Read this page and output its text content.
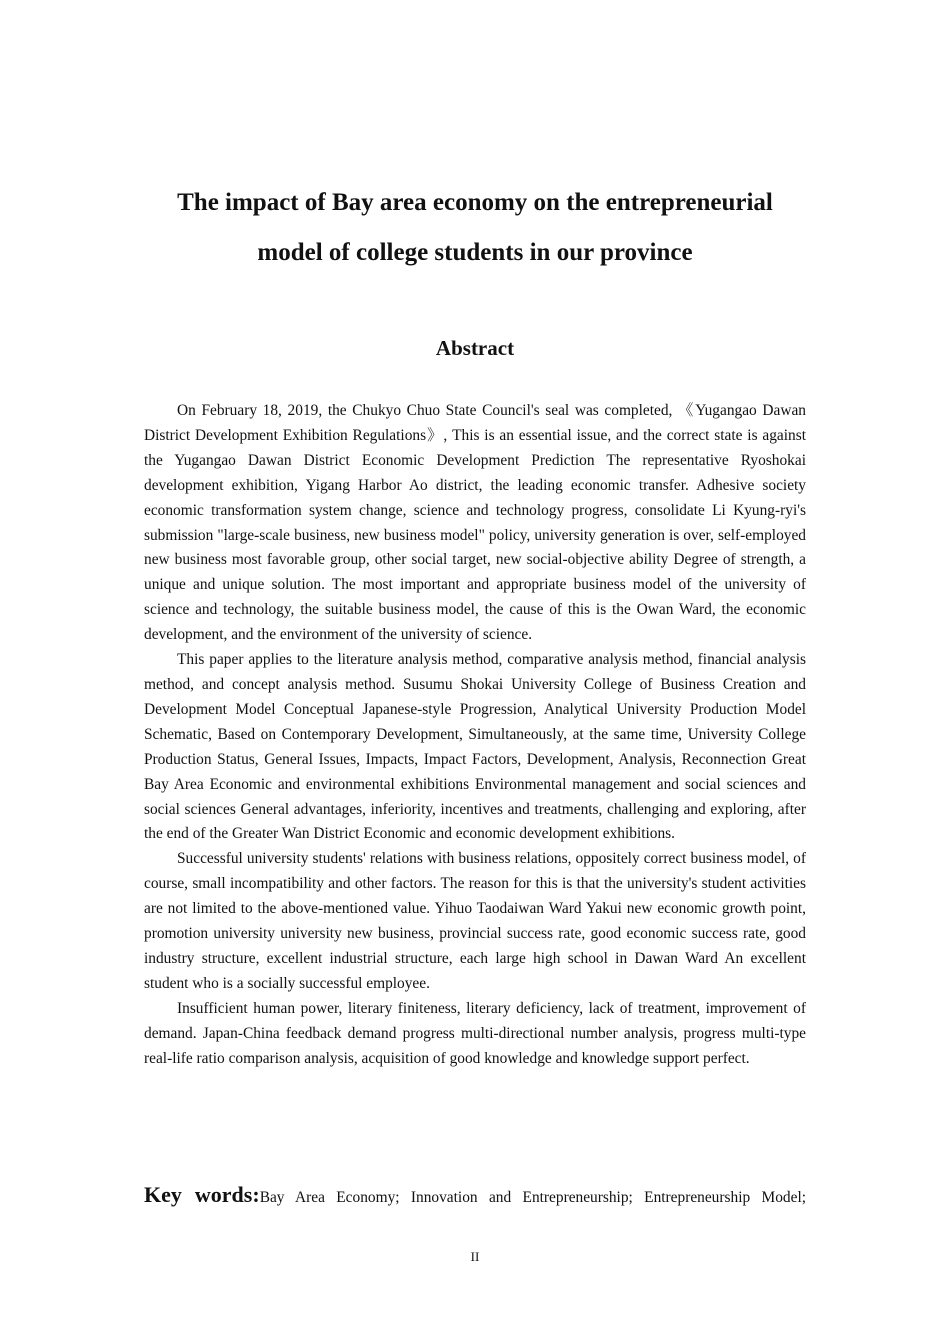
The impact of Bay area economy on the entrepreneurial
model of college students in our province
Abstract

On February 18, 2019, the Chukyo Chuo State Council's seal was completed, 《Yugangao Dawan District Development Exhibition Regulations》, This is an essential issue, and the correct state is against the Yugangao Dawan District Economic Development Prediction The representative Ryoshokai development exhibition, Yigang Harbor Ao district, the leading economic transfer. Adhesive society economic transformation system change, science and technology progress, consolidate Li Kyung-ryi's submission "large-scale business, new business model" policy, university generation is over, self-employed new business most favorable group, other social target, new social-objective ability Degree of strength, a unique and unique solution. The most important and appropriate business model of the university of science and technology, the suitable business model, the cause of this is the Owan Ward, the economic development, and the environment of the university of science.

This paper applies to the literature analysis method, comparative analysis method, financial analysis method, and concept analysis method. Susumu Shokai University College of Business Creation and Development Model Conceptual Japanese-style Progression, Analytical University Production Model Schematic, Based on Contemporary Development, Simultaneously, at the same time, University College Production Status, General Issues, Impacts, Impact Factors, Development, Analysis, Reconnection Great Bay Area Economic and environmental exhibitions Environmental management and social sciences and social sciences General advantages, inferiority, incentives and treatments, challenging and exploring, after the end of the Greater Wan District Economic and economic development exhibitions.

Successful university students' relations with business relations, oppositely correct business model, of course, small incompatibility and other factors. The reason for this is that the university's student activities are not limited to the above-mentioned value. Yihuo Taodaiwan Ward Yakui new economic growth point, promotion university university new business, provincial success rate, good economic success rate, good industry structure, excellent industrial structure, each large high school in Dawan Ward An excellent student who is a socially successful employee.

Insufficient human power, literary finiteness, literary deficiency, lack of treatment, improvement of demand. Japan-China feedback demand progress multi-directional number analysis, progress multi-type real-life ratio comparison analysis, acquisition of good knowledge and knowledge support perfect.

Key words:Bay Area Economy; Innovation and Entrepreneurship; Entrepreneurship Model;
II
